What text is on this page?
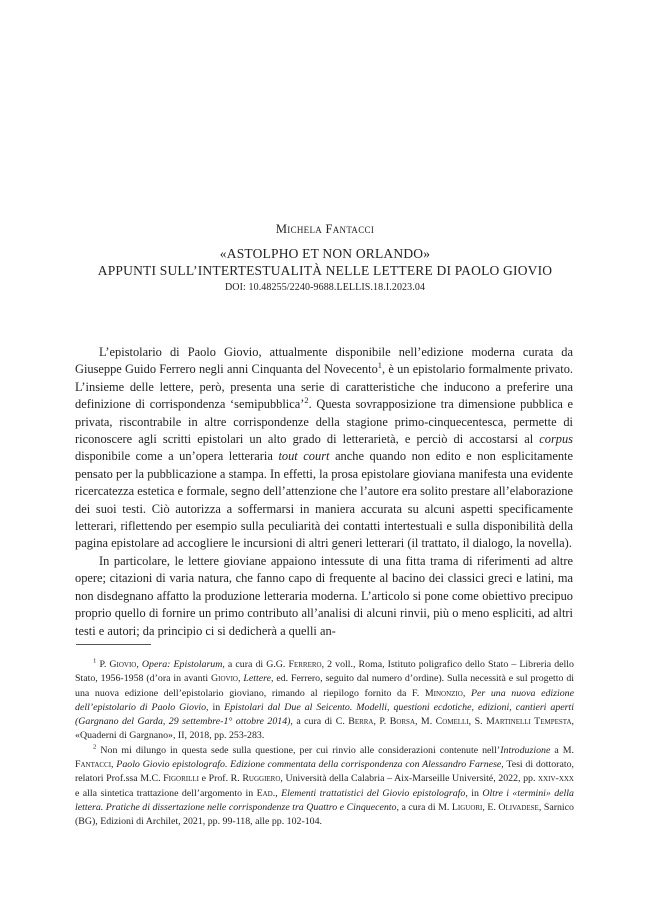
Michela Fantacci
«ASTOLPHO ET NON ORLANDO»
APPUNTI SULL’INTERTESTUALITÀ NELLE LETTERE DI PAOLO GIOVIO
DOI: 10.48255/2240-9688.LELLIS.18.I.2023.04

L’epistolario di Paolo Giovio, attualmente disponibile nell’edizione moderna curata da Giuseppe Guido Ferrero negli anni Cinquanta del Novecento$^1$, è un epistolario formalmente privato. L’insieme delle lettere, però, presenta una serie di caratteristiche che inducono a preferire una definizione di corrispondenza ‘semipubblica’$^2$. Questa sovrapposizione tra dimensione pubblica e privata, riscontrabile in altre corrispondenze della stagione primo-cinquecentesca, permette di riconoscere agli scritti epistolari un alto grado di letterarietà, e perciò di accostarsi al corpus disponibile come a un’opera letteraria tout court anche quando non edito e non esplicitamente pensato per la pubblicazione a stampa. In effetti, la prosa epistolare gioviana manifesta una evidente ricercatezza estetica e formale, segno dell’attenzione che l’autore era solito prestare all’elaborazione dei suoi testi. Ciò autorizza a soffermarsi in maniera accurata su alcuni aspetti specificamente letterari, riflettendo per esempio sulla peculiarità dei contatti intertestuali e sulla disponibilità della pagina epistolare ad accogliere le incursioni di altri generi letterari (il trattato, il dialogo, la novella).

In particolare, le lettere gioviane appaiono intessute di una fitta trama di riferimenti ad altre opere; citazioni di varia natura, che fanno capo di frequente al bacino dei classici greci e latini, ma non disdegnano affatto la produzione letteraria moderna. L’articolo si pone come obiettivo precipuo proprio quello di fornire un primo contributo all’analisi di alcuni rinvii, più o meno espliciti, ad altri testi e autori; da principio ci si dedicherà a quelli an-

$^1$ P. Giovio, Opera: Epistolarum, a cura di G.G. Ferrero, 2 voll., Roma, Istituto poligrafico dello Stato – Libreria dello Stato, 1956-1958 (d’ora in avanti Giovio, Lettere, ed. Ferrero, seguito dal numero d’ordine). Sulla necessità e sul progetto di una nuova edizione dell’epistolario gioviano, rimando al riepilogo fornito da F. Minonzio, Per una nuova edizione dell’epistolario di Paolo Giovio, in Epistolari dal Due al Seicento. Modelli, questioni ecdotiche, edizioni, cantieri aperti (Gargnano del Garda, 29 settembre-1° ottobre 2014), a cura di C. Berra, P. Borsa, M. Comelli, S. Martinelli Tempesta, «Quaderni di Gargnano», II, 2018, pp. 253-283.

$^2$ Non mi dilungo in questa sede sulla questione, per cui rinvio alle considerazioni contenute nell’Introduzione a M. Fantacci, Paolo Giovio epistolografo. Edizione commentata della corrispondenza con Alessandro Farnese, Tesi di dottorato, relatori Prof.ssa M.C. Figorilli e Prof. R. Ruggiero, Università della Calabria – Aix-Marseille Université, 2022, pp. xxiv-xxx e alla sintetica trattazione dell’argomento in Ead., Elementi trattatistici del Giovio epistolografo, in Oltre i «termini» della lettera. Pratiche di dissertazione nelle corrispondenze tra Quattro e Cinquecento, a cura di M. Liguori, E. Olivadese, Sarnico (BG), Edizioni di Archilet, 2021, pp. 99-118, alle pp. 102-104.
